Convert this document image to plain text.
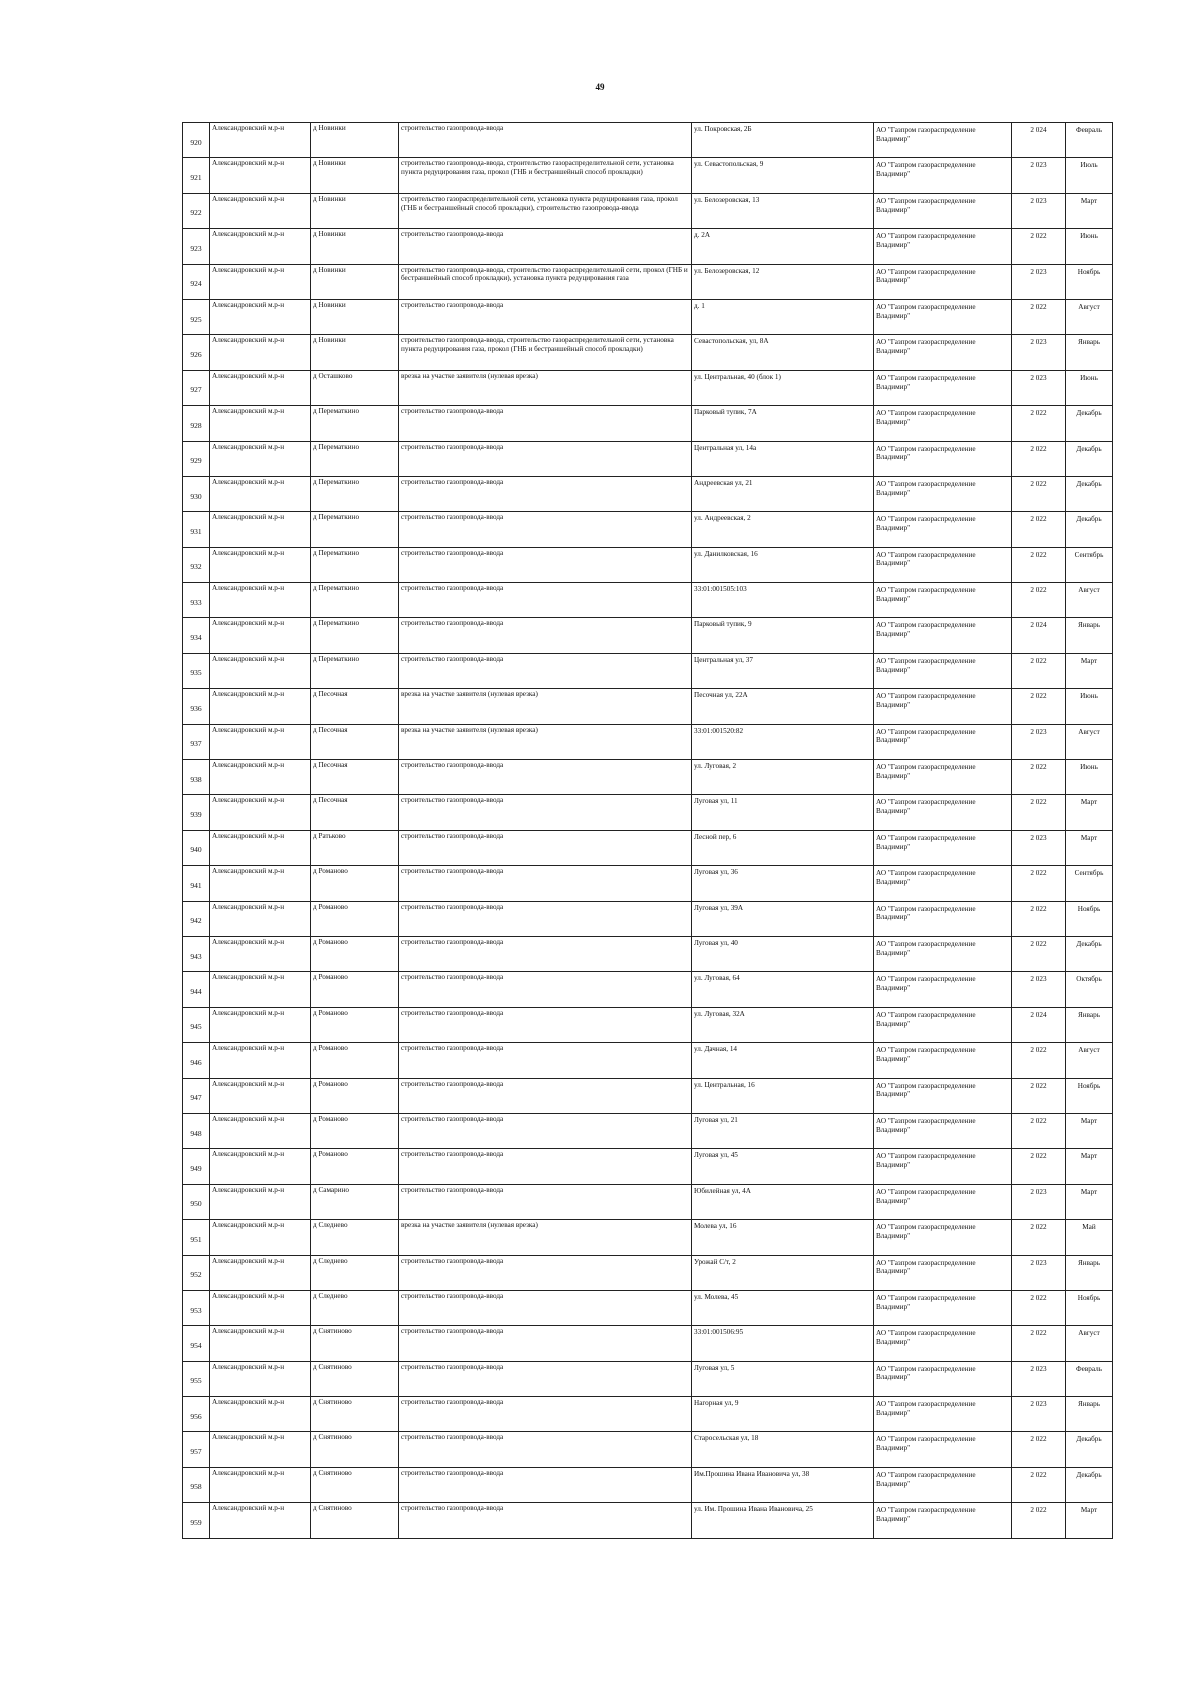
49
920	Александровский м.р-н	д Новинки	строительство газопровода-ввода	ул. Покровская, 2Б	АО "Газпром газораспределение Владимир"	2 024	Февраль
921	Александровский м.р-н	д Новинки	строительство газопровода-ввода, строительство газораспределительной сети, установка пункта редуцирования газа, прокол (ГНБ и бестраншейный способ прокладки)	ул. Севастопольская, 9	АО "Газпром газораспределение Владимир"	2 023	Июль
922	Александровский м.р-н	д Новинки	строительство газораспределительной сети, установка пункта редуцирования газа, прокол (ГНБ и бестраншейный способ прокладки), строительство газопровода-ввода	ул. Белозеровская, 13	АО "Газпром газораспределение Владимир"	2 023	Март
923	Александровский м.р-н	д Новинки	строительство газопровода-ввода	д. 2А	АО "Газпром газораспределение Владимир"	2 022	Июнь
924	Александровский м.р-н	д Новинки	строительство газопровода-ввода, строительство газораспределительной сети, прокол (ГНБ и бестраншейный способ прокладки), установка пункта редуцирования газа	ул. Белозеровская, 12	АО "Газпром газораспределение Владимир"	2 023	Ноябрь
925	Александровский м.р-н	д Новинки	строительство газопровода-ввода	д. 1	АО "Газпром газораспределение Владимир"	2 022	Август
926	Александровский м.р-н	д Новинки	строительство газопровода-ввода, строительство газораспределительной сети, установка пункта редуцирования газа, прокол (ГНБ и бестраншейный способ прокладки)	Севастопольская, ул, 8А	АО "Газпром газораспределение Владимир"	2 023	Январь
927	Александровский м.р-н	д Осташково	врезка на участке заявителя (нулевая врезка)	ул. Центральная, 40 (блок 1)	АО "Газпром газораспределение Владимир"	2 023	Июнь
928	Александровский м.р-н	д Перематкино	строительство газопровода-ввода	Парковый тупик, 7А	АО "Газпром газораспределение Владимир"	2 022	Декабрь
929	Александровский м.р-н	д Перематкино	строительство газопровода-ввода	Центральная ул, 14а	АО "Газпром газораспределение Владимир"	2 022	Декабрь
930	Александровский м.р-н	д Перематкино	строительство газопровода-ввода	Андреевская ул, 21	АО "Газпром газораспределение Владимир"	2 022	Декабрь
931	Александровский м.р-н	д Перематкино	строительство газопровода-ввода	ул. Андреевская, 2	АО "Газпром газораспределение Владимир"	2 022	Декабрь
932	Александровский м.р-н	д Перематкино	строительство газопровода-ввода	ул. Данилковская, 16	АО "Газпром газораспределение Владимир"	2 022	Сентябрь
933	Александровский м.р-н	д Перематкино	строительство газопровода-ввода	33:01:001505:103	АО "Газпром газораспределение Владимир"	2 022	Август
934	Александровский м.р-н	д Перематкино	строительство газопровода-ввода	Парковый тупик, 9	АО "Газпром газораспределение Владимир"	2 024	Январь
935	Александровский м.р-н	д Перематкино	строительство газопровода-ввода	Центральная ул, 37	АО "Газпром газораспределение Владимир"	2 022	Март
936	Александровский м.р-н	д Песочная	врезка на участке заявителя (нулевая врезка)	Песочная ул, 22А	АО "Газпром газораспределение Владимир"	2 022	Июнь
937	Александровский м.р-н	д Песочная	врезка на участке заявителя (нулевая врезка)	33:01:001520:82	АО "Газпром газораспределение Владимир"	2 023	Август
938	Александровский м.р-н	д Песочная	строительство газопровода-ввода	ул. Луговая, 2	АО "Газпром газораспределение Владимир"	2 022	Июнь
939	Александровский м.р-н	д Песочная	строительство газопровода-ввода	Луговая ул, 11	АО "Газпром газораспределение Владимир"	2 022	Март
940	Александровский м.р-н	д Ратьково	строительство газопровода-ввода	Лесной пер, 6	АО "Газпром газораспределение Владимир"	2 023	Март
941	Александровский м.р-н	д Романово	строительство газопровода-ввода	Луговая ул, 36	АО "Газпром газораспределение Владимир"	2 022	Сентябрь
942	Александровский м.р-н	д Романово	строительство газопровода-ввода	Луговая ул, 39А	АО "Газпром газораспределение Владимир"	2 022	Ноябрь
943	Александровский м.р-н	д Романово	строительство газопровода-ввода	Луговая ул, 40	АО "Газпром газораспределение Владимир"	2 022	Декабрь
944	Александровский м.р-н	д Романово	строительство газопровода-ввода	ул. Луговая, 64	АО "Газпром газораспределение Владимир"	2 023	Октябрь
945	Александровский м.р-н	д Романово	строительство газопровода-ввода	ул. Луговая, 32А	АО "Газпром газораспределение Владимир"	2 024	Январь
946	Александровский м.р-н	д Романово	строительство газопровода-ввода	ул. Дачная, 14	АО "Газпром газораспределение Владимир"	2 022	Август
947	Александровский м.р-н	д Романово	строительство газопровода-ввода	ул. Центральная, 16	АО "Газпром газораспределение Владимир"	2 022	Ноябрь
948	Александровский м.р-н	д Романово	строительство газопровода-ввода	Луговая ул, 21	АО "Газпром газораспределение Владимир"	2 022	Март
949	Александровский м.р-н	д Романово	строительство газопровода-ввода	Луговая ул, 45	АО "Газпром газораспределение Владимир"	2 022	Март
950	Александровский м.р-н	д Самарино	строительство газопровода-ввода	Юбилейная ул, 4А	АО "Газпром газораспределение Владимир"	2 023	Март
951	Александровский м.р-н	д Следнево	врезка на участке заявителя (нулевая врезка)	Молева ул, 16	АО "Газпром газораспределение Владимир"	2 022	Май
952	Александровский м.р-н	д Следнево	строительство газопровода-ввода	Урожай С/т, 2	АО "Газпром газораспределение Владимир"	2 023	Январь
953	Александровский м.р-н	д Следнево	строительство газопровода-ввода	ул. Молева, 45	АО "Газпром газораспределение Владимир"	2 022	Ноябрь
954	Александровский м.р-н	д Снятиново	строительство газопровода-ввода	33:01:001506:95	АО "Газпром газораспределение Владимир"	2 022	Август
955	Александровский м.р-н	д Снятиново	строительство газопровода-ввода	Луговая ул, 5	АО "Газпром газораспределение Владимир"	2 023	Февраль
956	Александровский м.р-н	д Снятиново	строительство газопровода-ввода	Нагорная ул, 9	АО "Газпром газораспределение Владимир"	2 023	Январь
957	Александровский м.р-н	д Снятиново	строительство газопровода-ввода	Старосельская ул, 18	АО "Газпром газораспределение Владимир"	2 022	Декабрь
958	Александровский м.р-н	д Снятиново	строительство газопровода-ввода	Им.Прошина Ивана Ивановича ул, 38	АО "Газпром газораспределение Владимир"	2 022	Декабрь
959	Александровский м.р-н	д Снятиново	строительство газопровода-ввода	ул. Им. Прошина Ивана Ивановича, 25	АО "Газпром газораспределение Владимир"	2 022	Март
